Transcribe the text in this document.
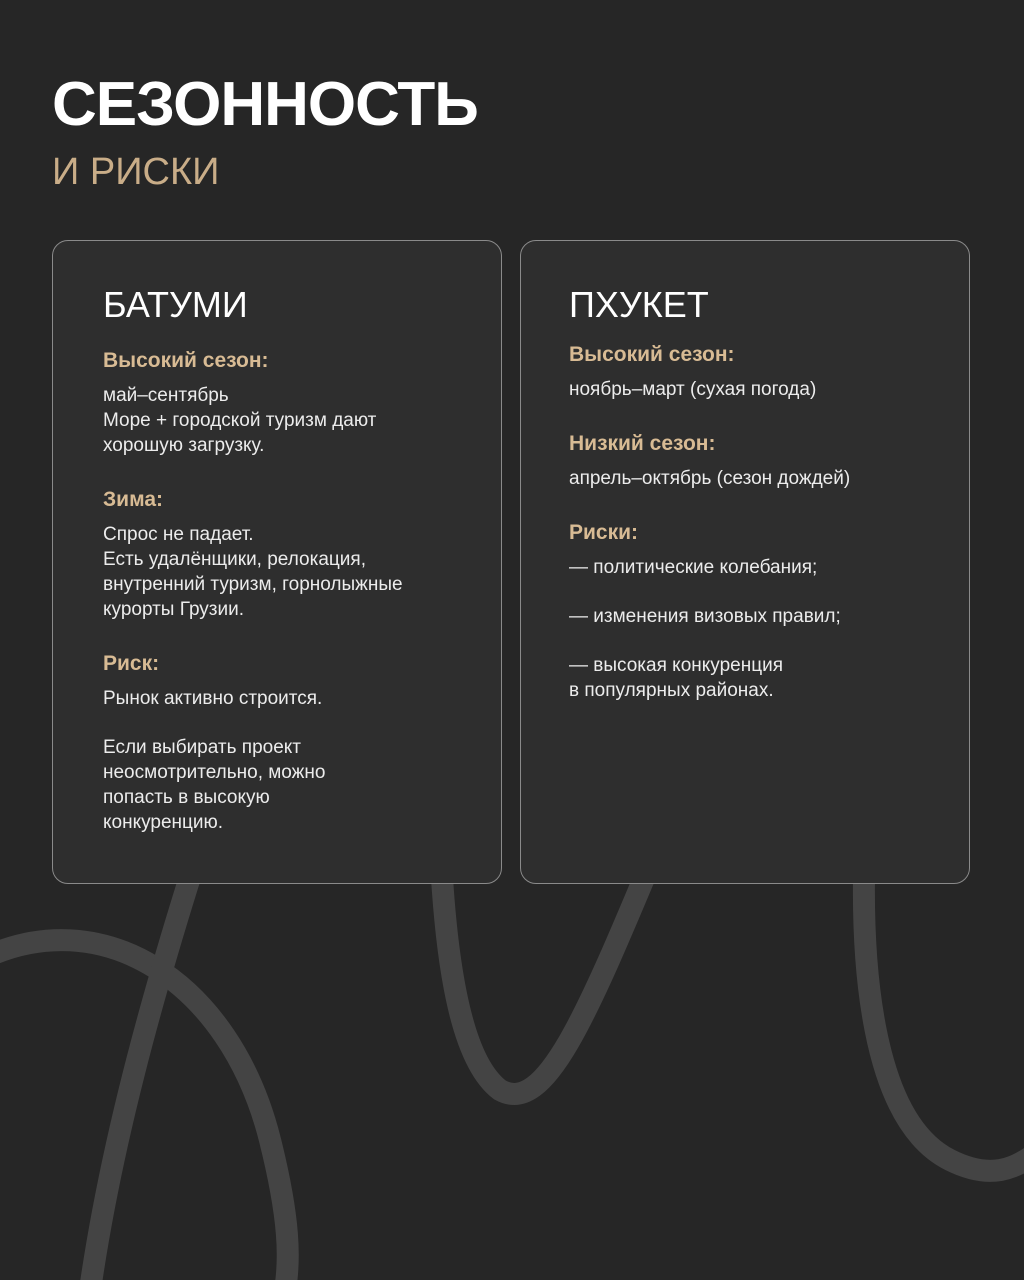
СЕЗОННОСТЬ
И РИСКИ
БАТУМИ
Высокий сезон:
май–сентябрь
Море + городской туризм дают
хорошую загрузку.
Зима:
Спрос не падает.
Есть удалёнщики, релокация,
внутренний туризм, горнолыжные
курорты Грузии.
Риск:
Рынок активно строится.
Если выбирать проект
неосмотрительно, можно
попасть в высокую
конкуренцию.
ПХУКЕТ
Высокий сезон:
ноябрь–март (сухая погода)
Низкий сезон:
апрель–октябрь (сезон дождей)
Риски:
— политические колебания;
— изменения визовых правил;
— высокая конкуренция
в популярных районах.
